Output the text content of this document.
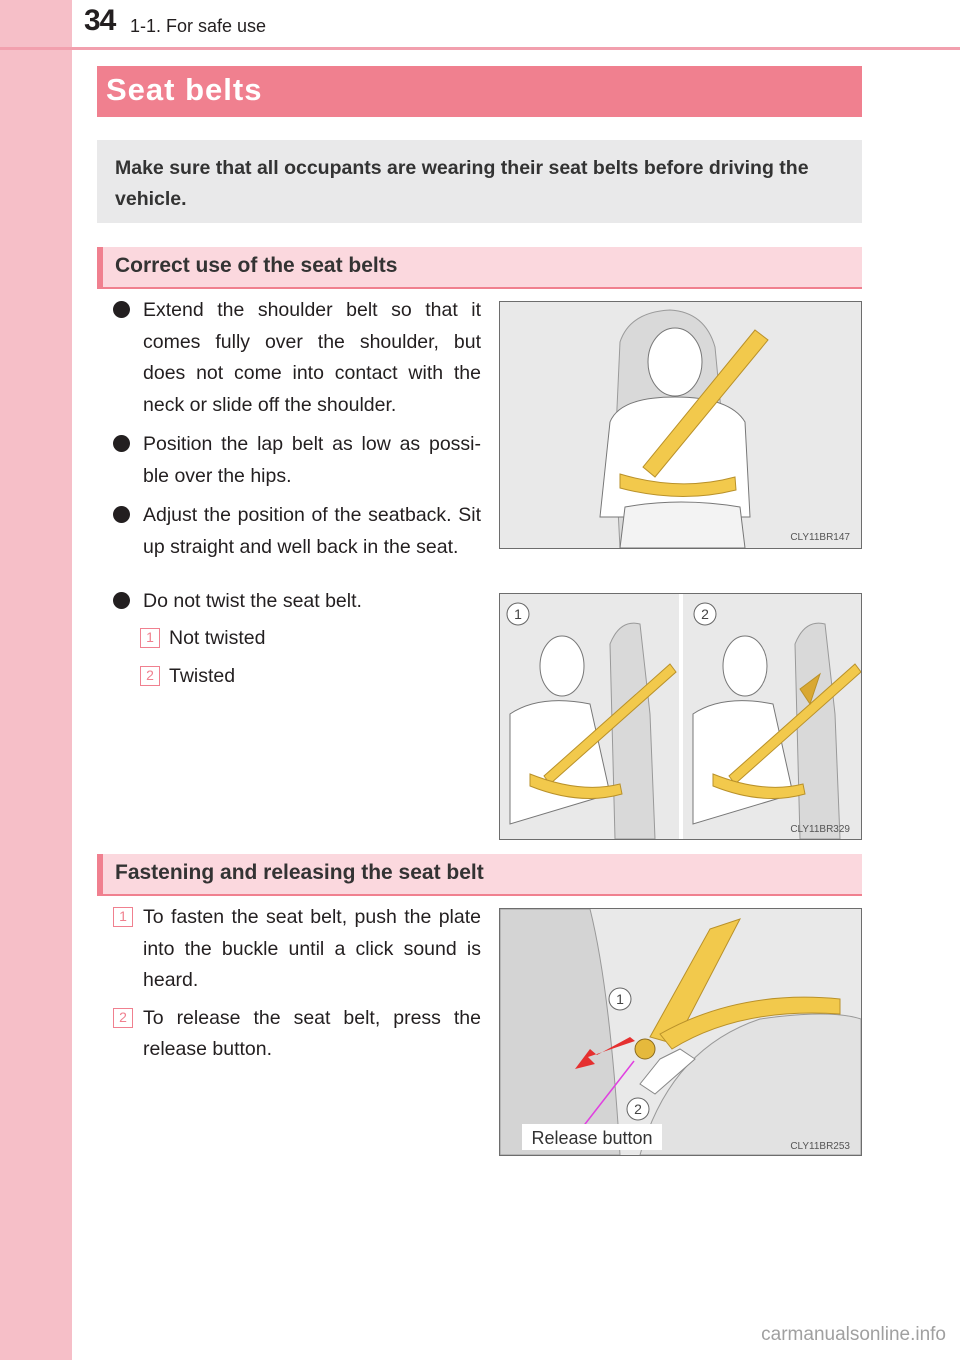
34 1-1. For safe use
Seat belts
Make sure that all occupants are wearing their seat belts before driving the vehicle.
Correct use of the seat belts
Extend the shoulder belt so that it comes fully over the shoulder, but does not come into contact with the neck or slide off the shoulder.
Position the lap belt as low as possi-ble over the hips.
Adjust the position of the seatback. Sit up straight and well back in the seat.
Do not twist the seat belt.
1 Not twisted
2 Twisted
CLY11BR147
1	2
CLY11BR329
Fastening and releasing the seat belt
1 To fasten the seat belt, push the plate into the buckle until a click sound is heard.
2 To release the seat belt, press the release button.
1
2
Release button	CLY11BR253
carmanualsonline.info
